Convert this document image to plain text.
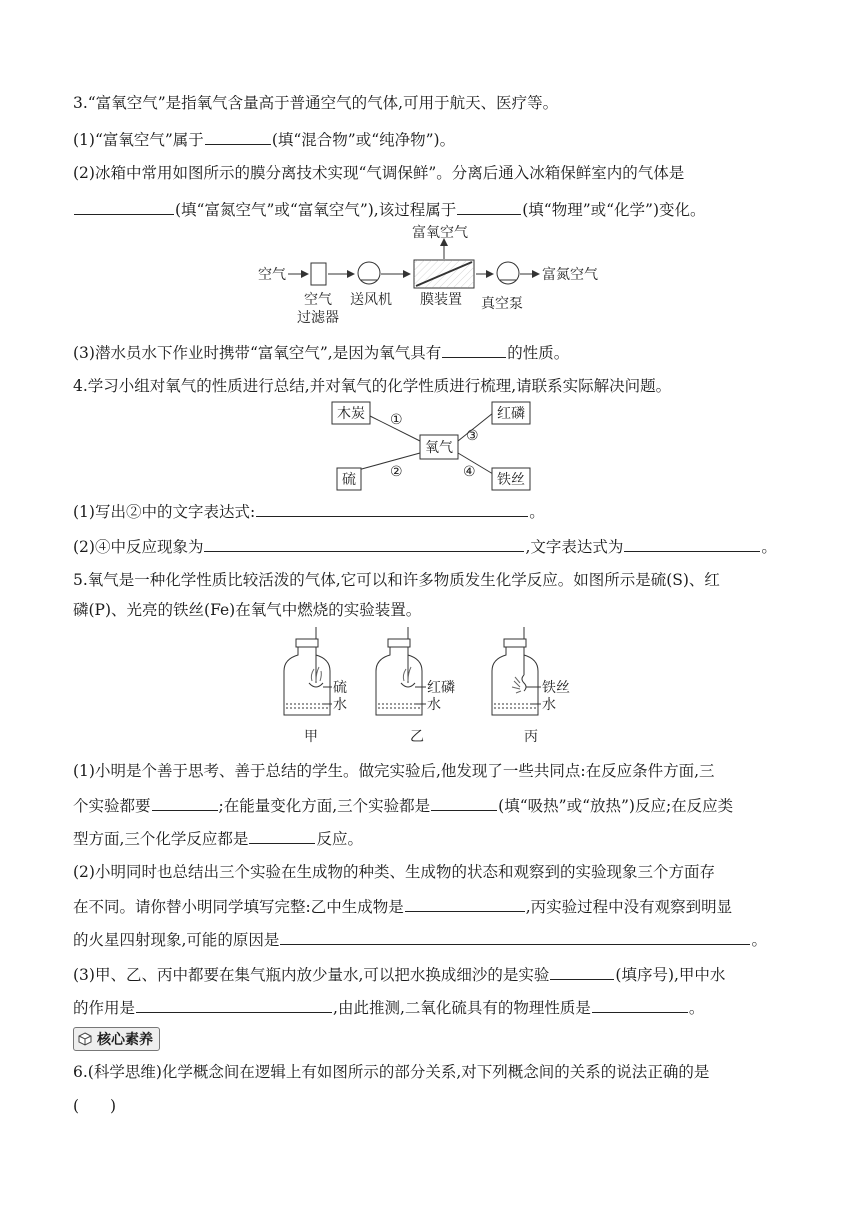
3.“富氧空气”是指氧气含量高于普通空气的气体,可用于航天、医疗等。
(1)“富氧空气”属于	(填“混合物”或“纯净物”)。
(2)冰箱中常用如图所示的膜分离技术实现“气调保鲜”。分离后通入冰箱保鲜室内的气体是
(填“富氮空气”或“富氧空气”),该过程属于	(填“物理”或“化学”)变化。
空气
富氧空气
富氮空气
空气
过滤器
送风机 膜装置 真空泵
(3)潜水员水下作业时携带“富氧空气”,是因为氧气具有	的性质。
4.学习小组对氧气的性质进行总结,并对氧气的化学性质进行梳理,请联系实际解决问题。
木炭	红磷
氧气
硫	铁丝
①
②
③
④
(1)写出②中的文字表达式:	。
(2)④中反应现象为	,文字表达式为	。
5.氧气是一种化学性质比较活泼的气体,它可以和许多物质发生化学反应。如图所示是硫(S)、红
磷(P)、光亮的铁丝(Fe)在氧气中燃烧的实验装置。
硫
水
甲
红磷
水
乙
铁丝
水
丙
(1)小明是个善于思考、善于总结的学生。做完实验后,他发现了一些共同点:在反应条件方面,三
个实验都要	;在能量变化方面,三个实验都是	(填“吸热”或“放热”)反应;在反应类
型方面,三个化学反应都是	反应。
(2)小明同时也总结出三个实验在生成物的种类、生成物的状态和观察到的实验现象三个方面存
在不同。请你替小明同学填写完整:乙中生成物是	,丙实验过程中没有观察到明显
的火星四射现象,可能的原因是	。
(3)甲、乙、丙中都要在集气瓶内放少量水,可以把水换成细沙的是实验	(填序号),甲中水
的作用是	,由此推测,二氧化硫具有的物理性质是	。
核心素养
6.(科学思维)化学概念间在逻辑上有如图所示的部分关系,对下列概念间的关系的说法正确的是
(　　)
